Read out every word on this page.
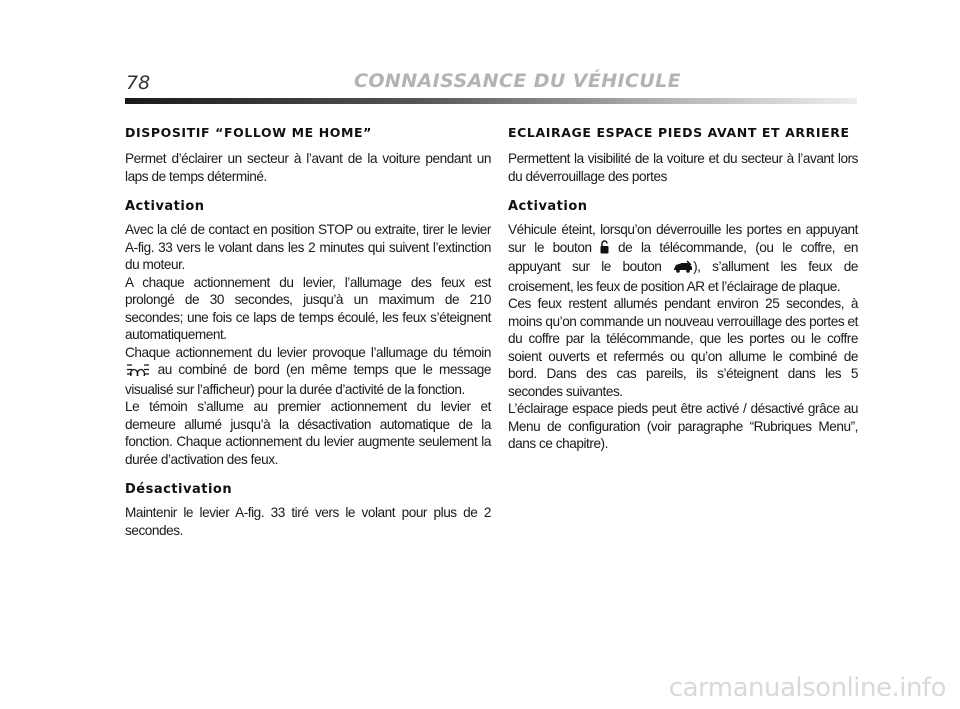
78	CONNAISSANCE DU VÉHICULE
DISPOSITIF “FOLLOW ME HOME”

Permet d’éclairer un secteur à l’avant de la voiture pendant un laps de temps déterminé.

Activation

Avec la clé de contact en position STOP ou extraite, tirer le levier A-fig. 33 vers le volant dans les 2 minutes qui suivent l’extinction du moteur.

A chaque actionnement du levier, l’allumage des feux est prolongé de 30 secondes, jusqu’à un maximum de 210 secondes; une fois ce laps de temps écoulé, les feux s’éteignent automatiquement.

Chaque actionnement du levier provoque l’allumage du témoin  au combiné de bord (en même temps que le message visualisé sur l’afficheur) pour la durée d’activité de la fonction.

Le témoin s’allume au premier actionnement du levier et demeure allumé jusqu’à la désactivation automatique de la fonction. Chaque actionnement du levier augmente seulement la durée d’activation des feux.

Désactivation

Maintenir le levier A-fig. 33 tiré vers le volant pour plus de 2 secondes.

ECLAIRAGE ESPACE PIEDS AVANT ET ARRIERE

Permettent la visibilité de la voiture et du secteur à l’avant lors du déverrouillage des portes

Activation

Véhicule éteint, lorsqu’on déverrouille les portes en appuyant sur le bouton de la télécommande, (ou le coffre, en appuyant sur le bouton ), s’allument les feux de croisement, les feux de position AR et l’éclairage de plaque.

Ces feux restent allumés pendant environ 25 secondes, à moins qu’on commande un nouveau verrouillage des portes et du coffre par la télécommande, que les portes ou le coffre soient ouverts et refermés ou qu’on allume le combiné de bord. Dans des cas pareils, ils s’éteignent dans les 5 secondes suivantes.

L’éclairage espace pieds peut être activé / désactivé grâce au Menu de configuration (voir paragraphe “Rubriques Menu”, dans ce chapitre).

carmanualsonline.info
